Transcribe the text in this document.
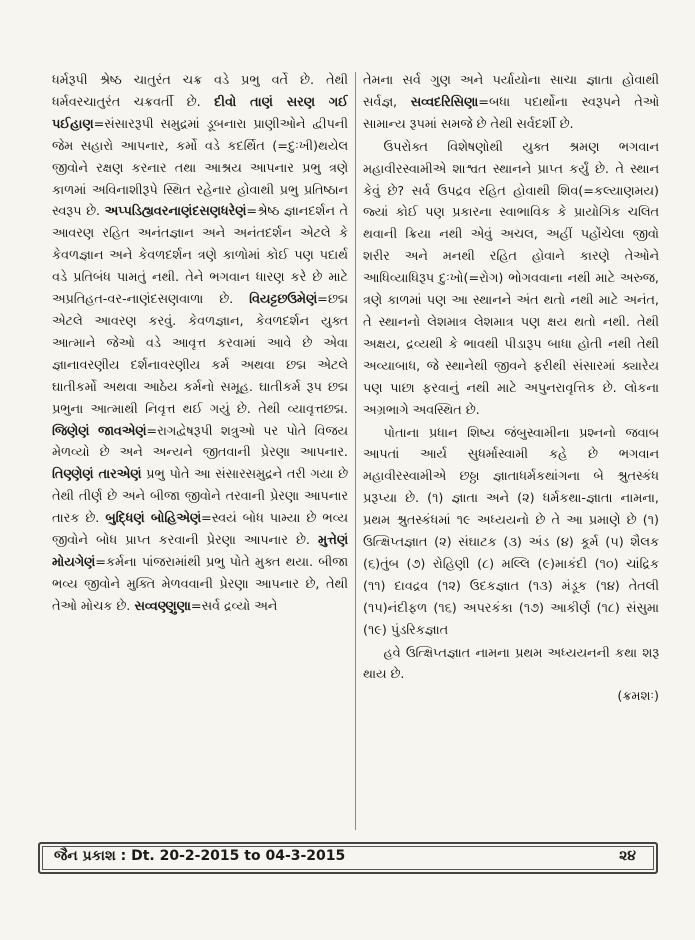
ધર્મરૂપી શ્રેષ્ઠ ચાતુરંત ચક્ર વડે પ્રભુ વર્તે છે. તેથી ધર્મવરચાતુરંત ચક્રવર્તી છે. દીવો તાણં સરણ ગઈ પઈહાણ=સંસારરૂપી સમુદ્રમાં ડૂબનારા પ્રાણીઓને દ્વીપની જેમ સહારો આપનાર, કર્મો વડે કદર્થિત (=દુઃખી)થયેલ જીવોને રક્ષણ કરનાર તથા આશ્રય આપનાર પ્રભુ ત્રણે કાળમાં અવિનાશીરૂપે સ્થિત રહેનાર હોવાથી પ્રભુ પ્રતિષ્ઠાન સ્વરૂપ છે. અપ્પડિહ્યવરનાણંદસણધરેણં=શ્રેષ્ઠ જ્ઞાનદર્શન તે આવરણ રહિત અનંતજ્ઞાન અને અનંતદર્શન એટલે કે કેવળજ્ઞાન અને કેવળદર્શન ત્રણે કાળોમાં કોઈ પણ પદાર્થ વડે પ્રતિબંધ પામતું નથી. તેને ભગવાન ધારણ કરે છે માટે અપ્રતિહત-વર-નાણંદસણવાળા છે. વિયટ્ટછઉમેણં=છદ્મ એટલે આવરણ કરવું. કેવળજ્ઞાન, કેવળદર્શન યુક્ત આત્માને જેઓ વડે આવૃત્ત કરવામાં આવે છે એવા જ્ઞાનાવરણીય દર્શનાવરણીય કર્મ અથવા છદ્મ એટલે ઘાતીકર્મો અથવા આઠેય કર્મનો સમૂહ. ઘાતીકર્મ રૂપ છદ્મ પ્રભુના આત્માથી નિવૃત્ત થઈ ગયું છે. તેથી વ્યાવૃત્તછદ્મ. જિણેણં જાવએણં=રાગદ્વેષરૂપી શત્રુઓ પર પોતે વિજય મેળવ્યો છે અને અન્યને જીતવાની પ્રેરણા આપનાર. તિણ્ણેણં તારએણં પ્રભુ પોતે આ સંસારસમુદ્રને તરી ગયા છે તેથી તીર્ણ છે અને બીજા જીવોને તરવાની પ્રેરણા આપનાર તારક છે. બુદ્ધિણં બોહિએણં=સ્વયં બોધ પામ્યા છે ભવ્ય જીવોને બોધ પ્રાપ્ત કરવાની પ્રેરણા આપનાર છે. મુત્તેણં મોયગેણં=કર્મના પાંજરામાંથી પ્રભુ પોતે મુક્ત થયા. બીજા ભવ્ય જીવોને મુક્તિ મેળવવાની પ્રેરણા આપનાર છે, તેથી તેઓ મોચક છે. સવ્વણ્ણુણા=સર્વ દ્રવ્યો અને

તેમના સર્વ ગુણ અને પર્યાયોના સાચા જ્ઞાતા હોવાથી સર્વજ્ઞ, સવ્વદરિસિણા=બધા પદાર્થોના સ્વરૂપને તેઓ સામાન્ય રૂપમાં સમજે છે તેથી સર્વદર્શી છે.

ઉપરોક્ત વિશેષણોથી યુક્ત શ્રમણ ભગવાન મહાવીરસ્વામીએ શાશ્વત સ્થાનને પ્રાપ્ત કર્યું છે. તે સ્થાન કેવું છે? સર્વ ઉપદ્રવ રહિત હોવાથી શિવ(=કલ્યાણમય) જ્યાં કોઈ પણ પ્રકારના સ્વાભાવિક કે પ્રાયોગિક ચલિત થવાની ક્રિયા નથી એવું અચલ, અહીં પહોંચેલા જીવો શરીર અને મનથી રહિત હોવાને કારણે તેઓને આધિવ્યાધિરૂપ દુઃખો(=રોગ) ભોગવવાના નથી માટે અરુજ, ત્રણે કાળમાં પણ આ સ્થાનને અંત થતો નથી માટે અનંત, તે સ્થાનનો લેશમાત્ર લેશમાત્ર પણ ક્ષય થતો નથી. તેથી અક્ષય, દ્રવ્યથી કે ભાવથી પીડારૂપ બાધા હોતી નથી તેથી અવ્યાબાધ, જે સ્થાનેથી જીવને ફરીથી સંસારમાં ક્યારેય પણ પાછા ફરવાનું નથી માટે અપુનરાવૃત્તિક છે. લોકના અગ્રભાગે અવસ્થિત છે.

પોતાના પ્રધાન શિષ્ય જંબુસ્વામીના પ્રશ્નનો જવાબ આપતાં આર્ય સુધર્માસ્વામી કહે છે ભગવાન મહાવીરસ્વામીએ છઠ્ઠા જ્ઞાતાધર્મકથાંગના બે શ્રુતસ્કંધ પ્રરૂપ્યા છે. (૧) જ્ઞાતા અને (૨) ધર્મકથા-જ્ઞાતા નામના, પ્રથમ શ્રુતસ્કંધમાં ૧૯ અધ્યયનો છે તે આ પ્રમાણે છે (૧) ઉત્ક્ષિપ્તજ્ઞાત (૨) સંઘાટક (૩) અંડ (૪) કૂર્મ (૫) શૈલક (૬)તુંબ (૭) રોહિણી (૮) મલ્લિ (૯)માકંદી (૧૦) ચાંદ્રિક (૧૧) દાવદ્રવ (૧૨) ઉદકજ્ઞાત (૧૩) મંડૂક (૧૪) તેતલી (૧૫)નંદીફળ (૧૬) અપરકંકા (૧૭) આકીર્ણ (૧૮) સંસુમા (૧૯) પુંડરિકજ્ઞાત

હવે ઉત્ક્ષિપ્તજ્ઞાત નામના પ્રથમ અધ્યયનની કથા શરૂ થાય છે.

(ક્રમશઃ)
જૈન પ્રકાશ : Dt. 20-2-2015 to 04-3-2015	૨૪
